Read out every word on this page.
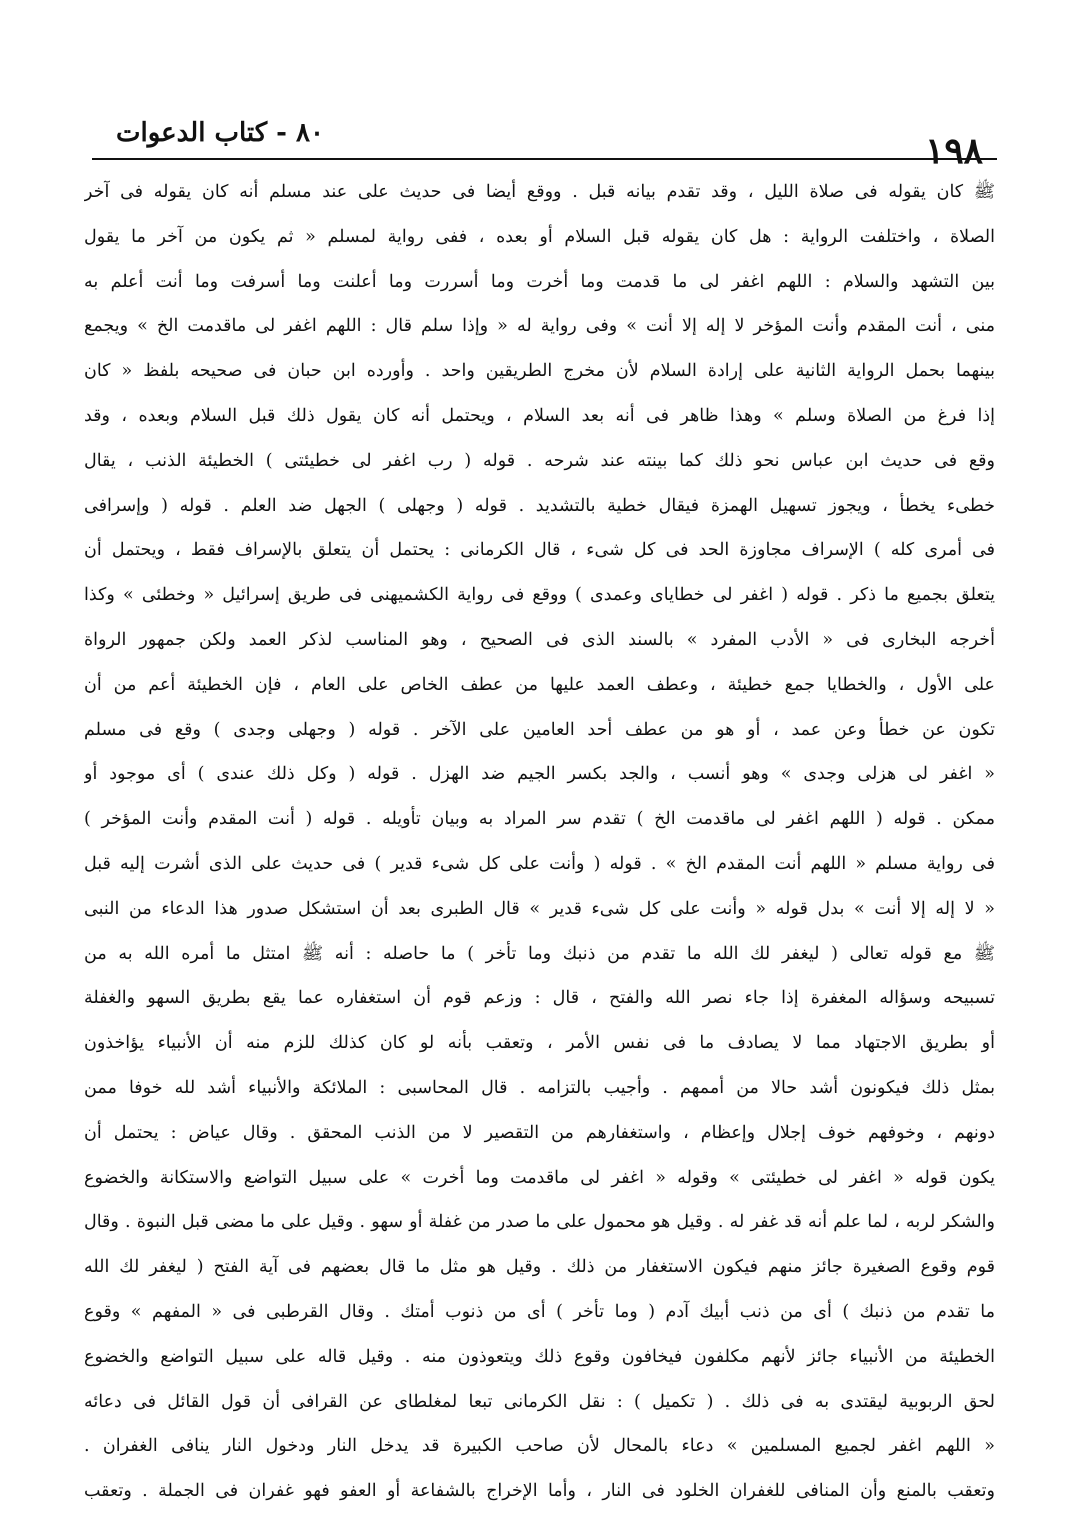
١٩٨
٨٠ - كتاب الدعوات
ﷺ كان يقوله فى صلاة الليل ، وقد تقدم بيانه قبل . ووقع أيضا فى حديث على عند مسلم أنه كان يقوله فى آخر
الصلاة ، واختلفت الرواية : هل كان يقوله قبل السلام أو بعده ، ففى رواية لمسلم « ثم يكون من آخر ما يقول
بين التشهد والسلام : اللهم اغفر لى ما قدمت وما أخرت وما أسررت وما أعلنت وما أسرفت وما أنت أعلم به
منى ، أنت المقدم وأنت المؤخر لا إله إلا أنت » وفى رواية له « وإذا سلم قال : اللهم اغفر لى ماقدمت الخ » ويجمع
بينهما بحمل الرواية الثانية على إرادة السلام لأن مخرج الطريقين واحد . وأورده ابن حبان فى صحيحه بلفظ « كان
إذا فرغ من الصلاة وسلم » وهذا ظاهر فى أنه بعد السلام ، ويحتمل أنه كان يقول ذلك قبل السلام وبعده ، وقد
وقع فى حديث ابن عباس نحو ذلك كما بينته عند شرحه . قوله ( رب اغفر لى خطيئتى ) الخطيئة الذنب ، يقال
خطىء يخطأ ، ويجوز تسهيل الهمزة فيقال خطية بالتشديد . قوله ( وجهلى ) الجهل ضد العلم . قوله ( وإسرافى
فى أمرى كله ) الإسراف مجاوزة الحد فى كل شىء ، قال الكرمانى : يحتمل أن يتعلق بالإسراف فقط ، ويحتمل أن
يتعلق بجميع ما ذكر . قوله ( اغفر لى خطاياى وعمدى ) ووقع فى رواية الكشميهنى فى طريق إسرائيل « وخطئى » وكذا
أخرجه البخارى فى « الأدب المفرد » بالسند الذى فى الصحيح ، وهو المناسب لذكر العمد ولكن جمهور الرواة
على الأول ، والخطايا جمع خطيئة ، وعطف العمد عليها من عطف الخاص على العام ، فإن الخطيئة أعم من أن
تكون عن خطأ وعن عمد ، أو هو من عطف أحد العامين على الآخر . قوله ( وجهلى وجدى ) وقع فى مسلم
« اغفر لى هزلى وجدى » وهو أنسب ، والجد بكسر الجيم ضد الهزل . قوله ( وكل ذلك عندى ) أى موجود أو
ممكن . قوله ( اللهم اغفر لى ماقدمت الخ ) تقدم سر المراد به وبيان تأويله . قوله ( أنت المقدم وأنت المؤخر )
فى رواية مسلم « اللهم أنت المقدم الخ » . قوله ( وأنت على كل شىء قدير ) فى حديث على الذى أشرت إليه قبل
« لا إله إلا أنت » بدل قوله « وأنت على كل شىء قدير » قال الطبرى بعد أن استشكل صدور هذا الدعاء من النبى
ﷺ مع قوله تعالى ( ليغفر لك الله ما تقدم من ذنبك وما تأخر ) ما حاصله : أنه ﷺ امتثل ما أمره الله به من
تسبيحه وسؤاله المغفرة إذا جاء نصر الله والفتح ، قال : وزعم قوم أن استغفاره عما يقع بطريق السهو والغفلة
أو بطريق الاجتهاد مما لا يصادف ما فى نفس الأمر ، وتعقب بأنه لو كان كذلك للزم منه أن الأنبياء يؤاخذون
بمثل ذلك فيكونون أشد حالا من أممهم . وأجيب بالتزامه . قال المحاسبى : الملائكة والأنبياء أشد لله خوفا ممن
دونهم ، وخوفهم خوف إجلال وإعظام ، واستغفارهم من التقصير لا من الذنب المحقق . وقال عياض : يحتمل أن
يكون قوله « اغفر لى خطيئتى » وقوله « اغفر لى ماقدمت وما أخرت » على سبيل التواضع والاستكانة والخضوع
والشكر لربه ، لما علم أنه قد غفر له . وقيل هو محمول على ما صدر من غفلة أو سهو . وقيل على ما مضى قبل النبوة . وقال
قوم وقوع الصغيرة جائز منهم فيكون الاستغفار من ذلك . وقيل هو مثل ما قال بعضهم فى آية الفتح ( ليغفر لك الله
ما تقدم من ذنبك ) أى من ذنب أبيك آدم ( وما تأخر ) أى من ذنوب أمتك . وقال القرطبى فى « المفهم » وقوع
الخطيئة من الأنبياء جائز لأنهم مكلفون فيخافون وقوع ذلك ويتعوذون منه . وقيل قاله على سبيل التواضع والخضوع
لحق الربوبية ليقتدى به فى ذلك . ( تكميل ) : نقل الكرمانى تبعا لمغلطاى عن القرافى أن قول القائل فى دعائه
« اللهم اغفر لجميع المسلمين » دعاء بالمحال لأن صاحب الكبيرة قد يدخل النار ودخول النار ينافى الغفران .
وتعقب بالمنع وأن المنافى للغفران الخلود فى النار ، وأما الإخراج بالشفاعة أو العفو فهو غفران فى الجملة . وتعقب
